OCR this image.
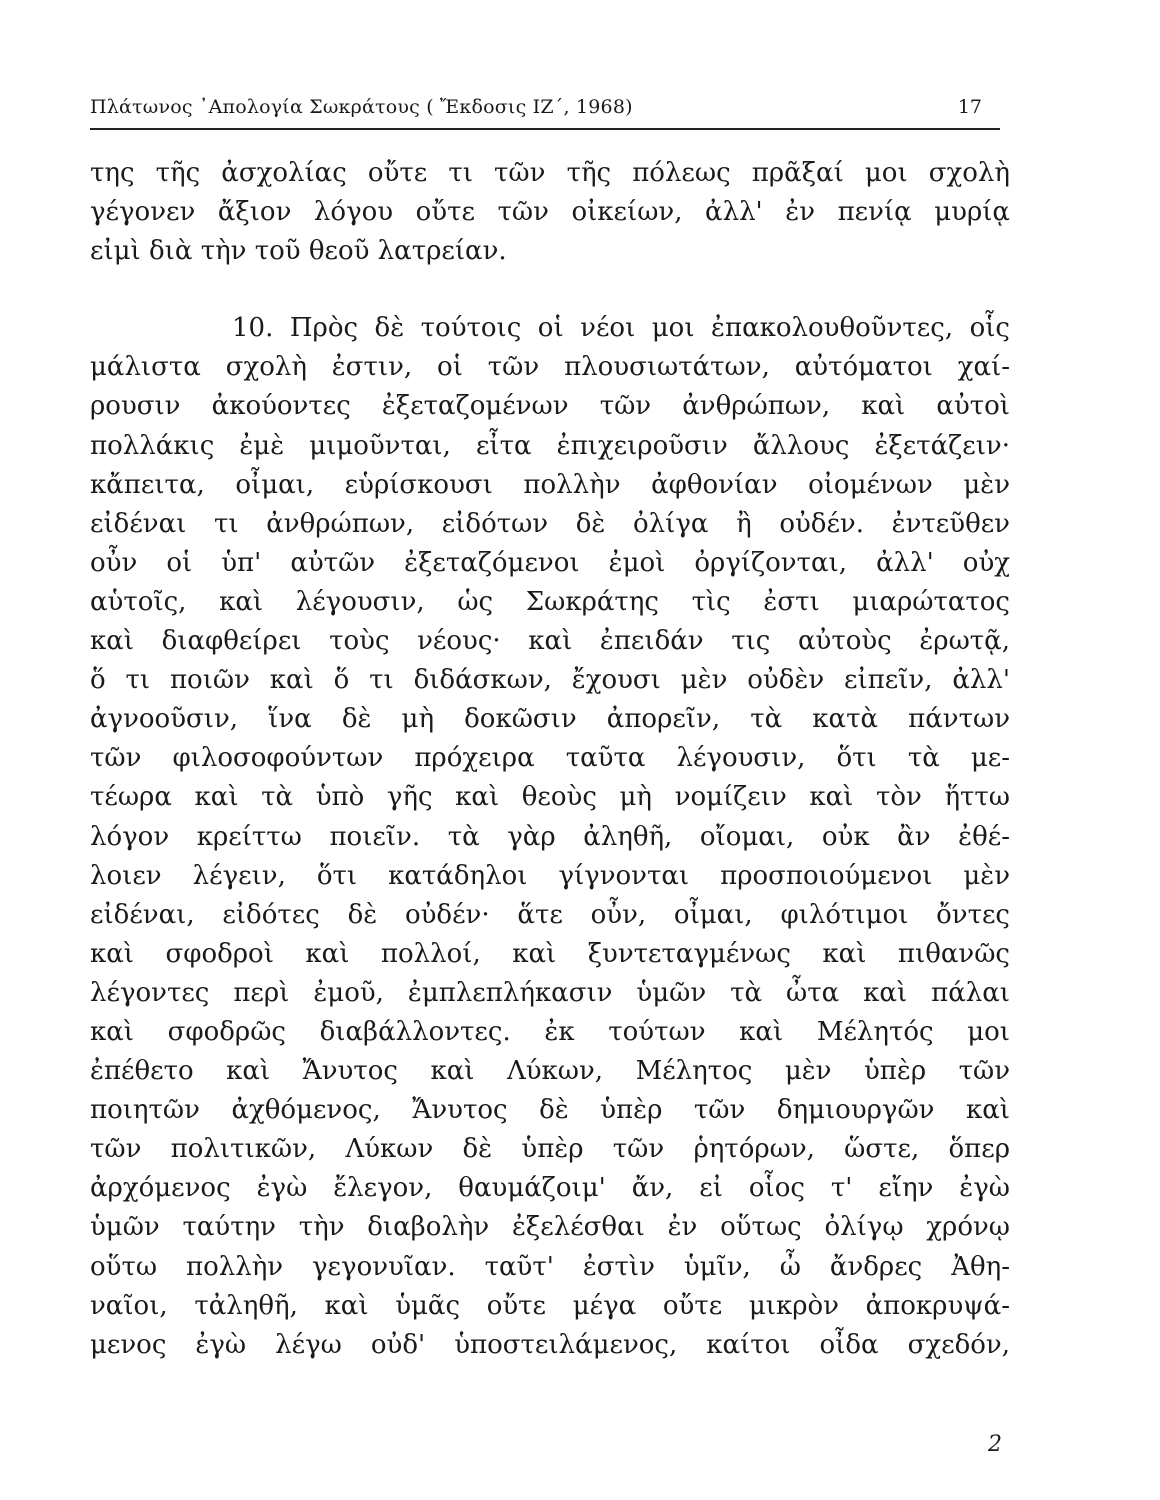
Πλάτωνος ᾿Απολογία Σωκράτους ( Ἔκδοσις ΙΖ΄, 1968)	17
της τῆς ἀσχολίας οὔτε τι τῶν τῆς πόλεως πρᾶξαί μοι σχολὴ
γέγονεν ἄξιον λόγου οὔτε τῶν οἰκείων, ἀλλ' ἐν πενίᾳ μυρίᾳ
εἰμὶ διὰ τὴν τοῦ θεοῦ λατρείαν.
10. Πρὸς δὲ τούτοις οἱ νέοι μοι ἐπακολουθοῦντες, οἷς
μάλιστα σχολὴ ἐστιν, οἱ τῶν πλουσιωτάτων, αὐτόματοι χαί-
ρουσιν ἀκούοντες ἐξεταζομένων τῶν ἀνθρώπων, καὶ αὐτοὶ
πολλάκις ἐμὲ μιμοῦνται, εἶτα ἐπιχειροῦσιν ἄλλους ἐξετάζειν·
κἄπειτα, οἶμαι, εὑρίσκουσι πολλὴν ἀφθονίαν οἰομένων μὲν
εἰδέναι τι ἀνθρώπων, εἰδότων δὲ ὀλίγα ἢ οὐδέν. ἐντεῦθεν
οὖν οἱ ὑπ' αὐτῶν ἐξεταζόμενοι ἐμοὶ ὀργίζονται, ἀλλ' οὐχ
αὑτοῖς, καὶ λέγουσιν, ὡς Σωκράτης τὶς ἐστι μιαρώτατος
καὶ διαφθείρει τοὺς νέους· καὶ ἐπειδάν τις αὐτοὺς ἐρωτᾷ,
ὅ τι ποιῶν καὶ ὅ τι διδάσκων, ἔχουσι μὲν οὐδὲν εἰπεῖν, ἀλλ'
ἀγνοοῦσιν, ἵνα δὲ μὴ δοκῶσιν ἀπορεῖν, τὰ κατὰ πάντων
τῶν φιλοσοφούντων πρόχειρα ταῦτα λέγουσιν, ὅτι τὰ με-
τέωρα καὶ τὰ ὑπὸ γῆς καὶ θεοὺς μὴ νομίζειν καὶ τὸν ἥττω
λόγον κρείττω ποιεῖν. τὰ γὰρ ἀληθῆ, οἴομαι, οὐκ ἂν ἐθέ-
λοιεν λέγειν, ὅτι κατάδηλοι γίγνονται προσποιούμενοι μὲν
εἰδέναι, εἰδότες δὲ οὐδέν· ἅτε οὖν, οἶμαι, φιλότιμοι ὄντες
καὶ σφοδροὶ καὶ πολλοί, καὶ ξυντεταγμένως καὶ πιθανῶς
λέγοντες περὶ ἐμοῦ, ἐμπλεπλήκασιν ὑμῶν τὰ ὦτα καὶ πάλαι
καὶ σφοδρῶς διαβάλλοντες. ἐκ τούτων καὶ Μέλητός μοι
ἐπέθετο καὶ Ἄνυτος καὶ Λύκων, Μέλητος μὲν ὑπὲρ τῶν
ποιητῶν ἀχθόμενος, Ἄνυτος δὲ ὑπὲρ τῶν δημιουργῶν καὶ
τῶν πολιτικῶν, Λύκων δὲ ὑπὲρ τῶν ῥητόρων, ὥστε, ὅπερ
ἀρχόμενος ἐγὼ ἔλεγον, θαυμάζοιμ' ἄν, εἰ οἷος τ' εἴην ἐγὼ
ὑμῶν ταύτην τὴν διαβολὴν ἐξελέσθαι ἐν οὕτως ὀλίγῳ χρόνῳ
οὕτω πολλὴν γεγονυῖαν. ταῦτ' ἐστὶν ὑμῖν, ὦ ἄνδρες Ἀθη-
ναῖοι, τἀληθῆ, καὶ ὑμᾶς οὔτε μέγα οὔτε μικρὸν ἀποκρυψά-
μενος ἐγὼ λέγω οὐδ' ὑποστειλάμενος, καίτοι οἶδα σχεδόν,
2
